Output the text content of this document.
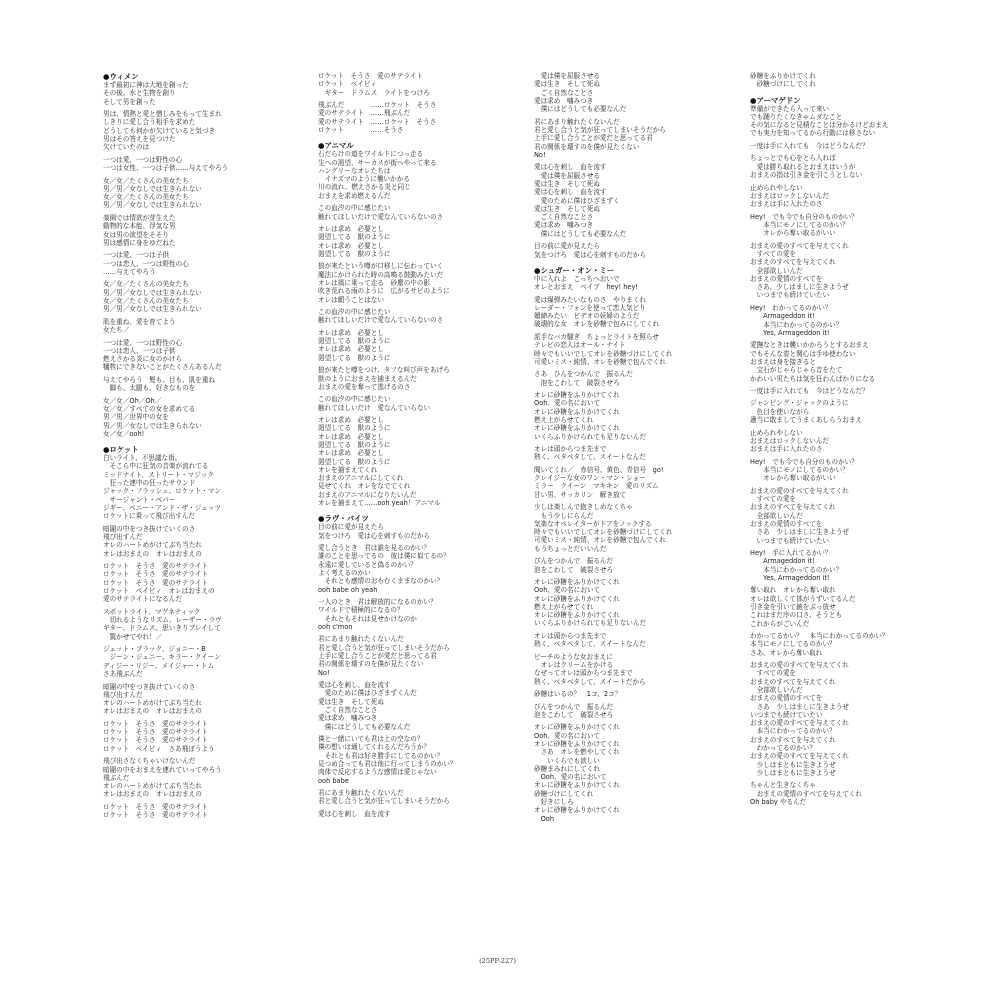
●ウィメン
まず最初に神は大地を創った
その後、水と生物を創り
そして男を創った
男は、情熱と愛と憎しみをもって生まれ
しきりに愛し合う相手を求めた
どうしても何かが欠けていると気づき
男はその答えを見つけた
欠けていたのは
一つは愛、一つは野性の心
一つは女性、一つは子供……与えてやろう
女／女／たくさんの美女たち
男／男／女なしでは生きられない
女／女／たくさんの美女たち
男／男／女なしでは生きられない
楽園では情欲が芽生えた
動物的な本能、浮気な男
女は男の欲望をそそり
男は感情に身をゆだねた
一つは愛、一つは子供
一つは恋人、一つは野性の心
……与えてやろう
女／女／たくさんの美女たち
男／男／女なしでは生きられない
女／女／たくさんの美女たち
男／男／女なしでは生きられない
肌を重ね、愛を育てよう
女たち／
一つは愛、一つは野性の心
一つは恋人、一つは子供
燃えさかる炎に女のかけら
犠牲にできないことがたくさんあるんだ
与えてやろう　髪も、目も、肌を重ね
　脚も、太腿も、好きなものを
女／女／Oh／Oh／
女／女／すべての女を求めてる
男／男／世界中の女を
男／男／女なしでは生きられない
女／女／ooh!
●ロケット
白いライト、不思議な街。
　そこら中に狂気の音楽が流れてる
ミッドナイト、ストリート・マジック
　狂った連中の狂ったサウンド
ジャック・フラッシュ、ロケット・マン
　サージャント・ペパー
ジギー、ベニー・アンド・ザ・ジェッツ
ロケットに乗って飛び出すんだ
暗闇の中をつき抜けていくのさ
飛び出すんだ
オレのハートめがけてぶち当たれ
オレはおまえの　オレはおまえの
ロケット　そうさ　愛のサテライト
ロケット　そうさ　愛のサテライト
ロケット　そうさ　愛のサテライト
ロケット　ベイビィ　オレはおまえの
愛のサテライトになるんだ
スポットライト、マグネティック
　切れるようなリズム、レーザー・ラヴ
ギター、ドラムス、思いきりプレイして
　驚かせてやれ！／
ジェット・ブラック、ジョニー・B
　ジーン・ジェニー、キラー・クイーン
ディジー・リジー、メイジャー・トム
さあ飛ぶんだ
暗闇の中をつき抜けていくのさ
飛び出すんだ
オレのハートめがけてぶち当たれ
オレはおまえの　オレはおまえの
ロケット　そうさ　愛のサテライト
ロケット　そうさ　愛のサテライト
ロケット　そうさ　愛のサテライト
ロケット　ベイビィ　さあ飛ぼうよう
飛び出さなくちゃいけないんだ
暗闇の中をおまえを連れていってやろう
飛ぶんだ
オレのハートめがけてぶち当たれ
オレはおまえの　オレはおまえの
ロケット　そうさ　愛のサテライト
ロケット　そうさ　愛のサテライト
ロケット　そうさ　愛のサテライト
ロケット　ベイビィ
　ギター　ドラムス　ライトをつけろ
飛ぶんだ　　　　……ロケット　そうさ
愛のサテライト　……飛ぶんだ
愛のサテライト　……ロケット　そうさ
ロケット　　　　……そうさ
●アニマル
石だらけの道をワイルドにつっ走る
生への渇望、サーカスが街へやって来る
ハングリーなオレたちは
　イナズマのように襲いかかる
川の流れ、燃えさかる炎と同じ
おまえを求め燃えるんだ
この血汐の中に感じたい
触れてほしいだけで愛なんていらないのさ
オレは求め　必要とし
渇望してる　獣のように
オレは求め　必要とし
渇望してる　獣のように
狼が来たという噂が口移しに伝わっていく
魔法にかけられた時の高鳴る鼓動みたいだ
オレは風に乗って走る　砂塵の中の影
吹き荒れる雨のように　広がるサビのように
オレは願うことはない
この血汐の中に感じたい
触れてほしいだけで愛なんていらないのさ
オレは求め　必要とし
渇望してる　獣のように
オレは求め　必要とし
渇望してる　獣のように
狼が来たと噂をつけ、タフな叫び声をあげろ
獣のようにおまえを捕まえるんだ
おまえの愛を奪って逃げるのさ
この血汐の中に感じたい
触れてほしいだけ　愛なんていらない
オレは求め　必要とし
渇望してる　獣のように
オレは求め　必要とし
渇望してる　獣のように
オレは求め　必要とし
渇望してる　獣のように
オレを捕まえてくれ
おまえのアニマルにしてくれ
見せてくれ　オレをなでてくれ
おまえのアニマルになりたいんだ
オレを捕まえて……ooh yeah！アニマル
●ラヴ・バイツ
目の前に愛が見えたら
気をつけろ　愛は心を刺すものだから
愛し合うとき　君は誰を見るのかい？
誰のことを思ってるの　彼は僕に似てるの？
永遠に愛していると偽るのかい？
よく考えるのかい
　それとも感情のおもむくままなのかい？
ooh babe oh yeah
一人のとき　君は解放的になるのかい？
ワイルドで積極的になるの？
　それともそれは見せかけなのか
ooh c'mon
君にあまり触れたくないんだ
君と愛し合うと気が狂ってしまいそうだから
上手に愛し合うことが愛だと思ってる君
君の関係を壊すのを僕が見たくない
No!
愛は心を刺し、血を流す
　愛のために僕はひざまずくんだ
愛は生き　そして死ぬ
　ごく自然なことさ
愛は求め　噛みつき
　僕にはどうしても必要なんだ
僕と一緒にいても君は上の空なの？
僕の想いは通してくれるんだろうか？
　それとも君は好き勝手にしてるのかい？
見つめ合っても君は他に行ってしまうのかい？
肉体で反応するような感情は愛じゃない
ooh babe
君にあまり触れたくないんだ
君と愛し合うと気が狂ってしまいそうだから
愛は心を刺し　血を流す
　愛は僕を屈服させる
愛は生き　そして死ぬ
　ごく自然なことさ
愛は求め　噛みつき
　僕にはどうしても必要なんだ
君にあまり触れたくないんだ
君と愛し合うと気が狂ってしまいそうだから
上手に愛し合うことが愛だと思ってる君
君の関係を壊すのを僕が見たくない
No!
愛は心を刺し　血を流す
　愛は僕を屈服させる
愛は生き　そして死ぬ
愛は心を刺し　血を流す
　愛のために僕はひざまずく
愛は生き　そして死ぬ
　ごく自然なことさ
愛は求め　噛みつき
　僕にはどうしても必要なんだ
目の前に愛が見えたら
気をつけろ　愛は心を刺すものだから
●シュガー・オン・ミー
中に入れよ　こっちへおいで
オレとおまえ　ベイブ　hey! hey!
愛は爆弾みたいなものさ　やりまくれ
レーダー・フォンを使って恋人気どり
媚締みたい　ビデオの妖婦のようだ
破壊的な女　オレを砂糖で包みにしてくれ
派手なバカ騒ぎ　ちょっとライトを照らせ
テレビの恋人はオール・ナイト
時々でもいいでしてオレを砂糖づけにしてくれ
可愛いミス・純情、オレを砂糖で包んでくれ
さあ　ひんをつかんで　振るんだ
　泡をこわして　破裂させろ
オレに砂糖をふりかけてくれ
Ooh、愛の名において
オレに砂糖をふりかけてくれ
燃え上がらせてくれ
オレに砂糖をふりかけてくれ
いくらふりかけられても足りないんだ
オレは頭からつま先まで
熱く、ベタベタして、スイートなんだ
聞いてくれ／　赤信号、黄色、青信号　go!
クレイジーな女のワン・マン・ショー
ミラー　クイーン　マキキン　愛のリズム
甘い男、サッカリン　解き放て
少しは楽しんで抱きしめなくちゃ
　もう少しにらんだ
気楽なオペレイターがドアをノックする
時々でもいいでしてオレを砂糖づけにしてくれ
可愛いミス・純情、オレを砂糖で包んでくれ
もうちょっとだいいんだ
びんをつかんで　振るんだ
泡をこわして　破裂させろ
オレに砂糖をふりかけてくれ
Ooh、愛の名において
オレに砂糖をふりかけてくれ
燃え上がらせてくれ
オレに砂糖をふりかけてくれ
いくらふりかけられても足りないんだ
オレは頭からつま先まで
熱く、ベタベタして、スイートなんだ
ピーチのような女おまえに
　オレはクリームをかける
なぜってオレは頭からつま先まで
熱く、ベタベタして、スイートだから
砂糖はいるの？　1コ、2コ？
びんをつかんで　振るんだ
泡をこわして　破裂させろ
オレに砂糖をふりかけてくれ
Ooh、愛の名において
オレに砂糖をふりかけてくれ
　さあ　オレを燃やしてくれ
　　いくらでも欲しい
砂糖まみれにしてくれ
　Ooh、愛の名において
オレに砂糖をふりかけてくれ
砂糖づけにしてくれ
　好きにしろ
オレに砂糖をふりかけてくれ
　Ooh
砂糖をふりかけてくれ
　砂糖づけにしてくれ
●アーマゲドン
準備ができたら入って来い
でも踊りたくなきゃムダなこと
その気になると見積なことは分かるけどおまえ
でも実力を知ってるから行動には移さない
一度は手に入れても　今はどうなんだ？
ちょっとでも心をとら入れば
　愛は勝ち取れるとおまえはいうが
おまえの指は引き金を引こうとしない
止められやしない
おまえはロックしないんだ
おまえは手に入れたのさ
Hey!　でも今でも自分のものかい？
　　本当にモノにしてるのかい？
　　オレから奪い取るがいい
おまえの愛のすべてを与えてくれ
　すべての愛を
おまえのすべてを与えてくれ
　全部欲しいんだ
おまえの愛情のすべてを
　さあ、少しはましに生きようぜ
　いつまでも続けていたい
Hey!　わかってるのかい？
　　Armageddon it!
　　本当にわかってるのかい？
　　Yes, Armageddon it!
愛撫なときは襲いかかろうとするおまえ
でもそんな姿と関心は手ゆ使わない
おまえは身を接ぎると
　宝石がじゃらじゃら音をたて
かわいい男たちは気を狂わんばかりになる
一度は手に入れても　今はどうなんだ？
ジャンピング・ジャックのように
　色目を使いながら
適当に敢ましてうまくあしらうおまえ
止められやしない
おまえはロックしないんだ
おまえは手に入れたのさ
Hey!　でも今でも自分のものかい？
　　本当にモノにしてるのかい？
　　オレから奪い取るがいい
おまえの愛のすべてを与えてくれ
　すべての愛を
おまえのすべてを与えてくれ
　全部欲しいんだ
おまえの愛情のすべてを
　さあ　少しはましに生きようぜ
　いつまでも続けていたい
Hey!　手に入れてるかい？
　　Armageddon it!
　　本当にわかってるのかい？
　　Yes, Armageddon it!
奪い取れ　オレから奪い取れ
オレは欲しくて体がうずいてるんだ
引き金を引いて銃をぶっ放せ
これはまだ序の口さ、そうとも
これからがごいんだ
わかってるかい？　本当にわかってるのかい？
本当にモノにしてるのかい？
さあ、オレから奪い取れ
おまえの愛のすべてを与えてくれ
　すべての愛を
おまえのすべてを与えてくれ
　全部欲しいんだ
おまえの愛情のすべてを
　さあ　少しはましに生きようぜ
いつまでも続けていたい
おまえの愛のすべてを与えてくれ
　本当にわかってるのかい？
おまえのすべてを与えてくれ
　わかってるのかい？
おまえの愛のすべてを与えてくれ
　少しはまともに生きようぜ
　少しはまともに生きようぜ
ちゃんと生きなくちゃ
　おまえの愛情のすべてを与えてくれ
Oh baby やるんだ
(25PP-227)
